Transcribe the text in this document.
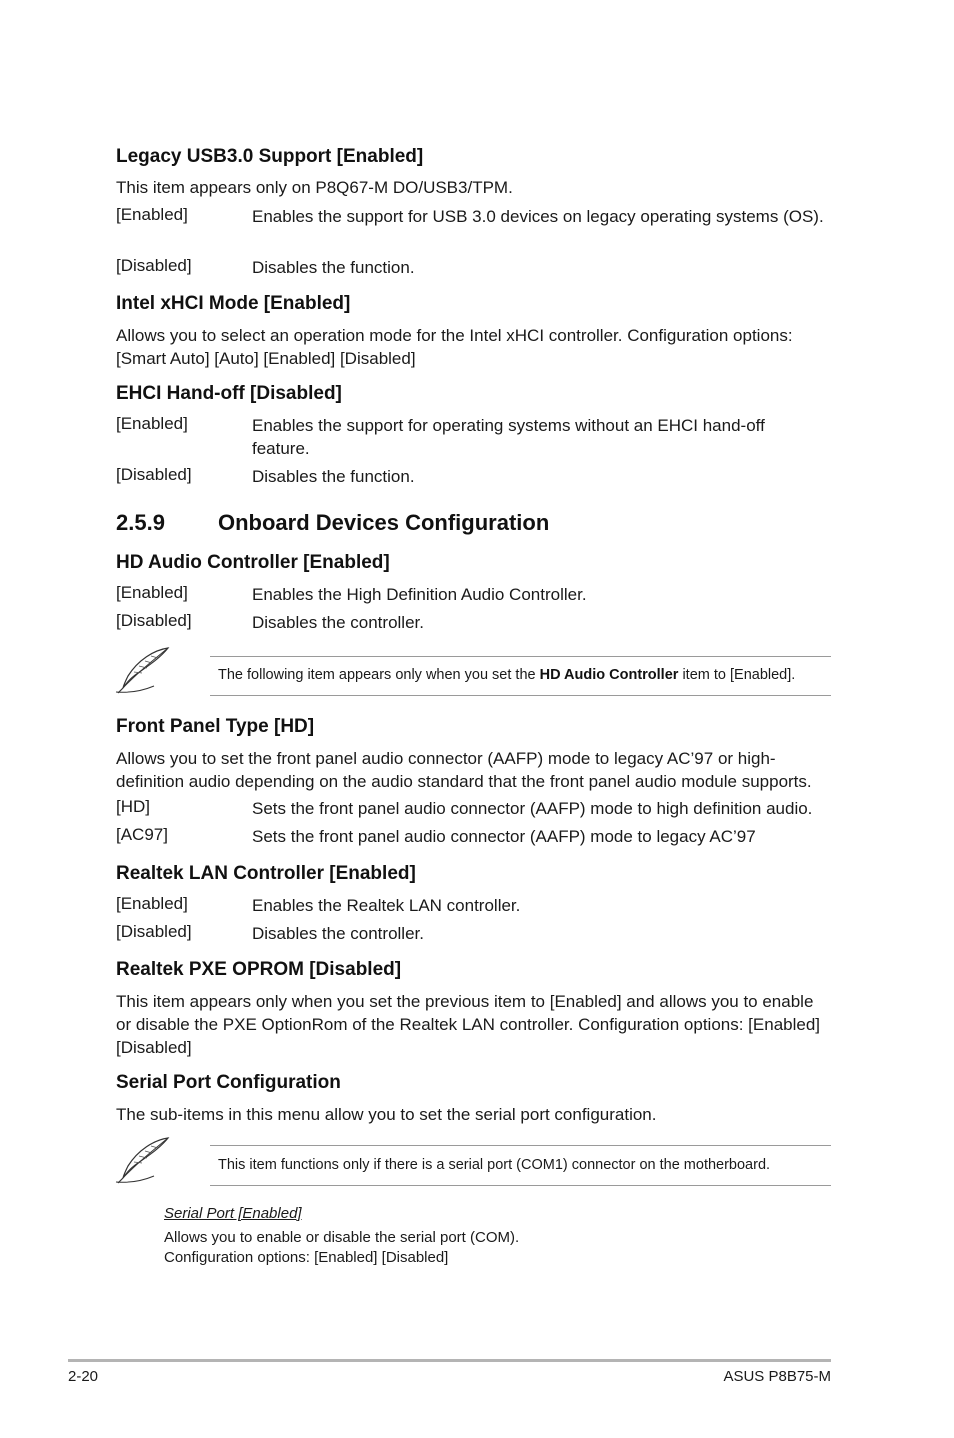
Legacy USB3.0 Support [Enabled]
This item appears only on P8Q67-M DO/USB3/TPM.
[Enabled]	Enables the support for USB 3.0 devices on legacy operating systems (OS).
[Disabled]	Disables the function.
Intel xHCI Mode [Enabled]
Allows you to select an operation mode for the Intel xHCI controller. Configuration options: [Smart Auto] [Auto] [Enabled] [Disabled]
EHCI Hand-off [Disabled]
[Enabled]	Enables the support for operating systems without an EHCI hand-off feature.
[Disabled]	Disables the function.
2.5.9 Onboard Devices Configuration
HD Audio Controller [Enabled]
[Enabled]	Enables the High Definition Audio Controller.
[Disabled]	Disables the controller.
The following item appears only when you set the HD Audio Controller item to [Enabled].
Front Panel Type [HD]
Allows you to set the front panel audio connector (AAFP) mode to legacy AC’97 or high-definition audio depending on the audio standard that the front panel audio module supports.
[HD]	Sets the front panel audio connector (AAFP) mode to high definition audio.
[AC97]	Sets the front panel audio connector (AAFP) mode to legacy AC’97
Realtek LAN Controller [Enabled]
[Enabled]	Enables the Realtek LAN controller.
[Disabled]	Disables the controller.
Realtek PXE OPROM [Disabled]
This item appears only when you set the previous item to [Enabled] and allows you to enable or disable the PXE OptionRom of the Realtek LAN controller. Configuration options: [Enabled] [Disabled]
Serial Port Configuration
The sub-items in this menu allow you to set the serial port configuration.
This item functions only if there is a serial port (COM1) connector on the motherboard.
Serial Port [Enabled]
Allows you to enable or disable the serial port (COM).
Configuration options: [Enabled] [Disabled]
2-20	ASUS P8B75-M
